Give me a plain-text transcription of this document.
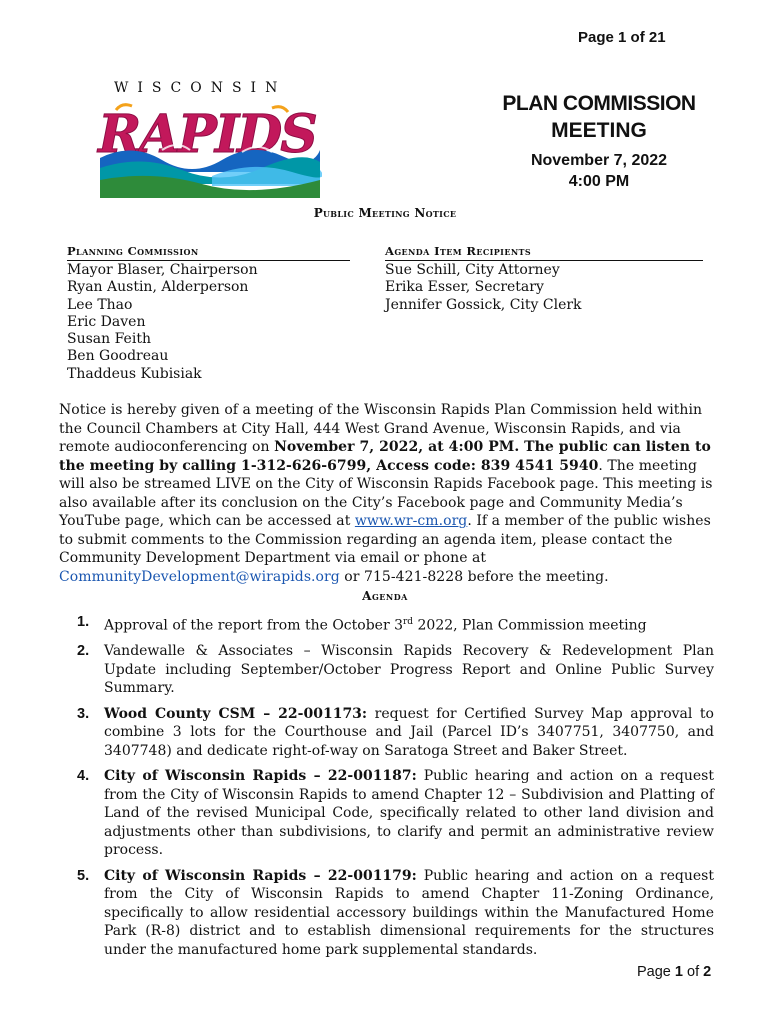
Page 1 of 21
WISCONSIN
RAPIDS
PLAN COMMISSION
MEETING
November 7, 2022
4:00 PM
Public Meeting Notice
Planning Commission
Mayor Blaser, Chairperson
Ryan Austin, Alderperson
Lee Thao
Eric Daven
Susan Feith
Ben Goodreau
Thaddeus Kubisiak
Agenda Item Recipients
Sue Schill, City Attorney
Erika Esser, Secretary
Jennifer Gossick, City Clerk
Notice is hereby given of a meeting of the Wisconsin Rapids Plan Commission held within the Council Chambers at City Hall, 444 West Grand Avenue, Wisconsin Rapids, and via remote audioconferencing on November 7, 2022, at 4:00 PM. The public can listen to the meeting by calling 1-312-626-6799, Access code: 839 4541 5940. The meeting will also be streamed LIVE on the City of Wisconsin Rapids Facebook page. This meeting is also available after its conclusion on the City’s Facebook page and Community Media’s YouTube page, which can be accessed at www.wr-cm.org. If a member of the public wishes to submit comments to the Commission regarding an agenda item, please contact the Community Development Department via email or phone at CommunityDevelopment@wirapids.org or 715-421-8228 before the meeting.
Agenda
1.	Approval of the report from the October 3rd 2022, Plan Commission meeting
2.	Vandewalle & Associates – Wisconsin Rapids Recovery & Redevelopment Plan Update including September/October Progress Report and Online Public Survey Summary.
3.	Wood County CSM – 22-001173: request for Certified Survey Map approval to combine 3 lots for the Courthouse and Jail (Parcel ID’s 3407751, 3407750, and 3407748) and dedicate right-of-way on Saratoga Street and Baker Street.
4.	City of Wisconsin Rapids – 22-001187: Public hearing and action on a request from the City of Wisconsin Rapids to amend Chapter 12 – Subdivision and Platting of Land of the revised Municipal Code, specifically related to other land division and adjustments other than subdivisions, to clarify and permit an administrative review process.
5.	City of Wisconsin Rapids – 22-001179: Public hearing and action on a request from the City of Wisconsin Rapids to amend Chapter 11-Zoning Ordinance, specifically to allow residential accessory buildings within the Manufactured Home Park (R-8) district and to establish dimensional requirements for the structures under the manufactured home park supplemental standards.
Page 1 of 2
